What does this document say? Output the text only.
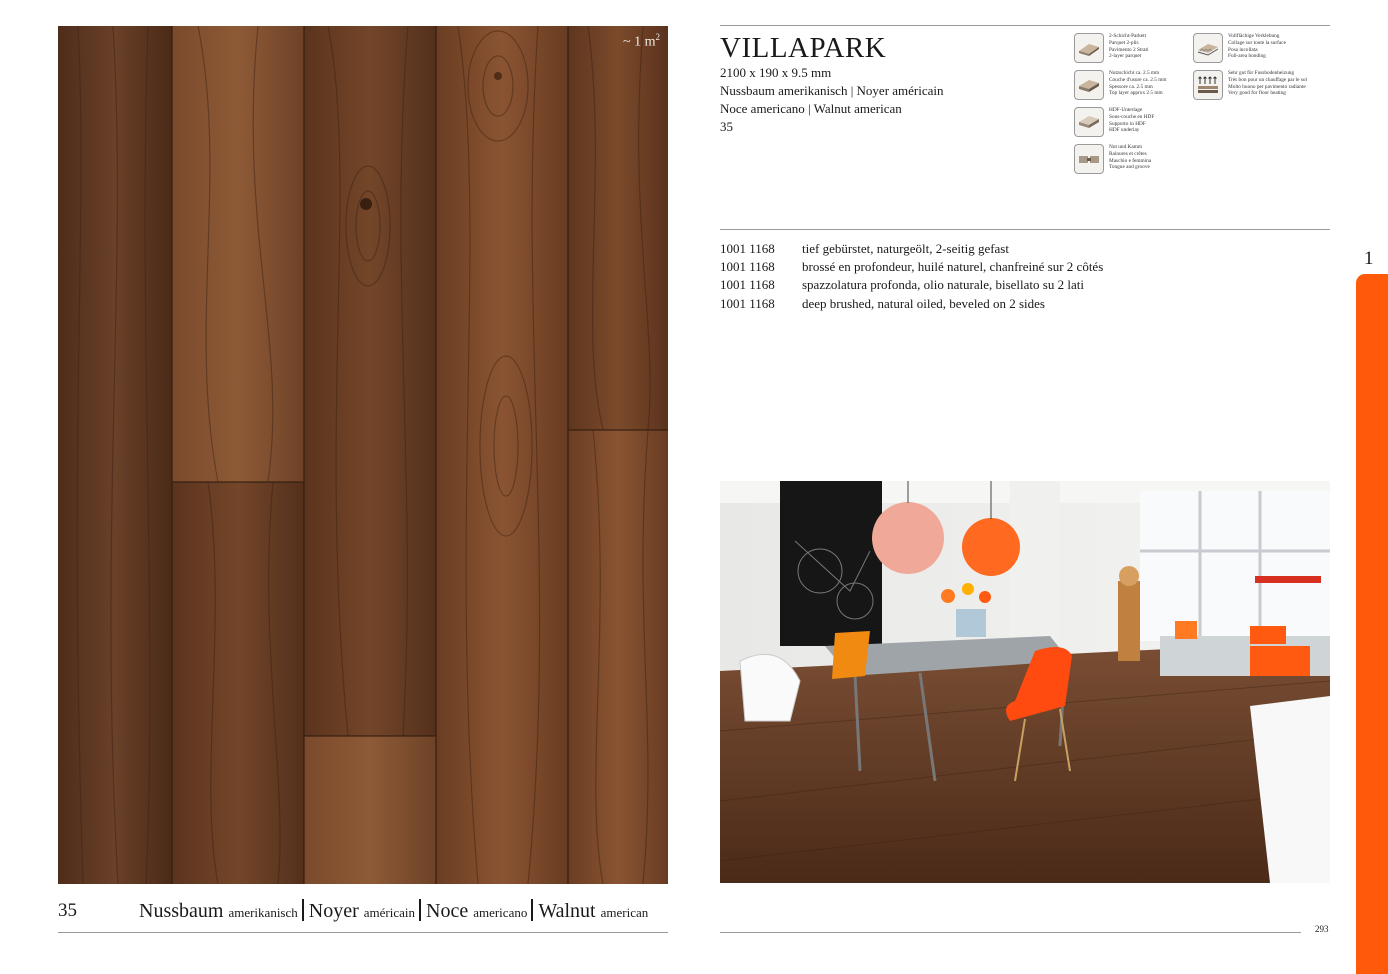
~ 1 $m^2$
35	Nussbaum amerikanisch Noyer américain Noce americano Walnut american
VILLAPARK
2100 x 190 x 9.5 mm
Nussbaum amerikanisch | Noyer américain
Noce americano | Walnut american
35
2-Schicht-Parkett
Parquet 2-plis
Pavimento 2 Strati
2-layer parquet
Nutzschicht ca. 2.5 mm
Couche d'usure ca. 2.5 mm
Spessore ca. 2.5 mm
Top layer approx 2.5 mm
HDF-Unterlage
Sous-couche en HDF
Supporto in HDF
HDF underlay
Nut und Kamm
Rainures et crêtes
Maschio e femmina
Tongue and groove
Vollflächige Verklebung
Collage sur toute la surface
Posa incollata
Full-area bonding
Sehr gut für Fussbodenheizung
Très bon pour un chauffage par le sol
Molto buono per pavimento radiante
Very good for floor heating
1001 1168	tief gebürstet, naturgeölt, 2-seitig gefast
1001 1168	brossé en profondeur, huilé naturel, chanfreiné sur 2 côtés
1001 1168	spazzolatura profonda, olio naturale, bisellato su 2 lati
1001 1168	deep brushed, natural oiled, beveled on 2 sides
293
1
